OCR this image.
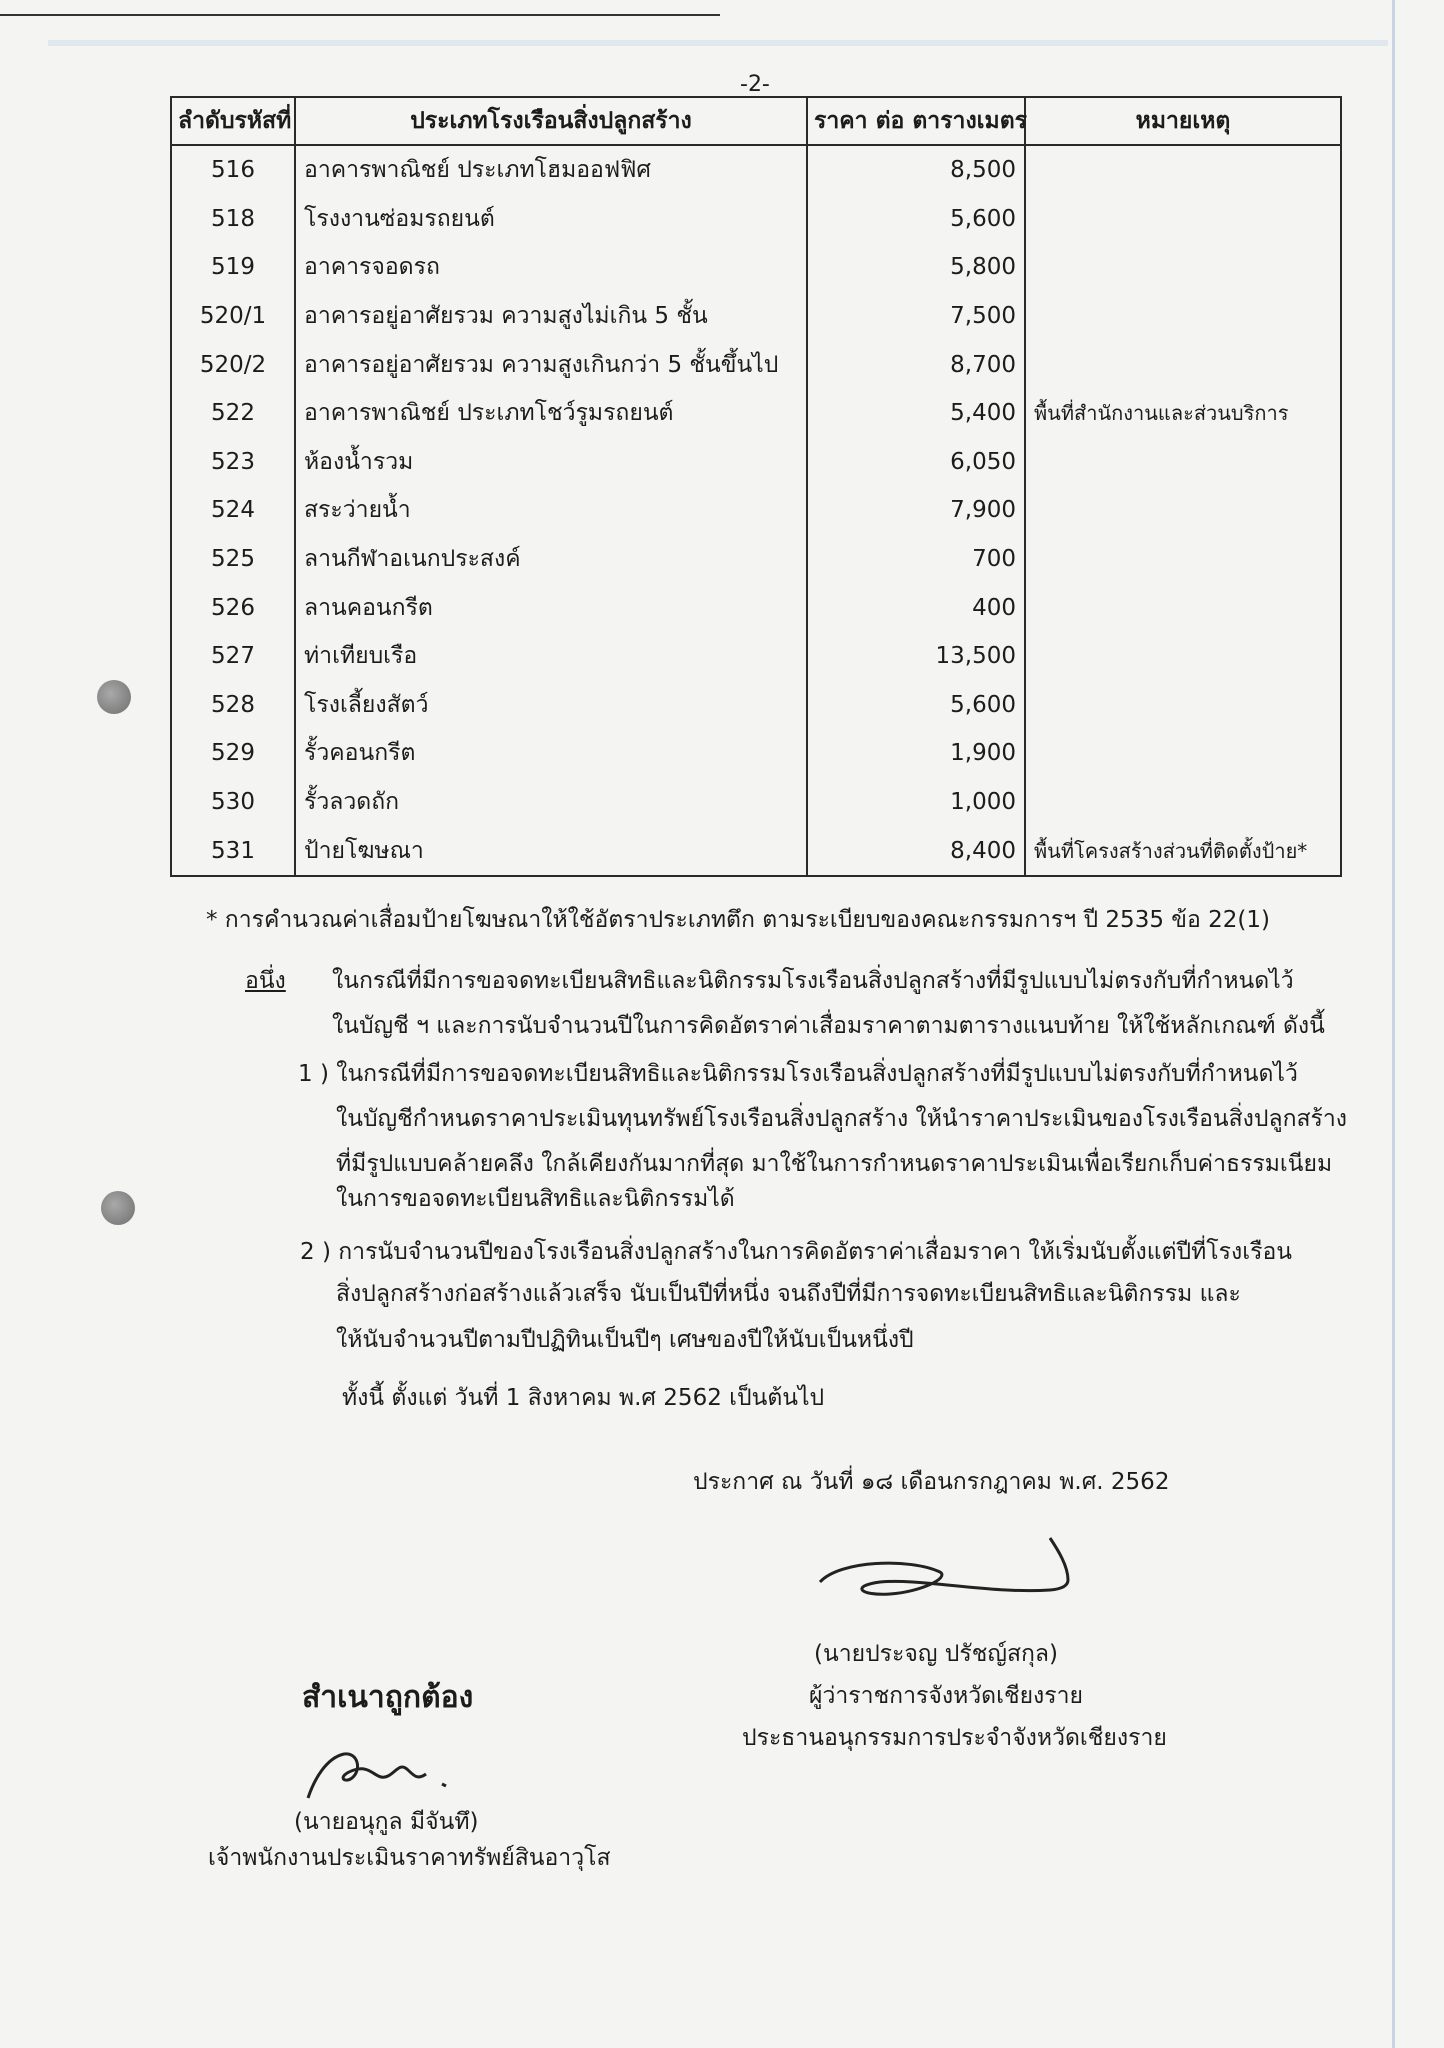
-2-
ลำดับรหัสที่	ประเภทโรงเรือนสิ่งปลูกสร้าง	ราคา ต่อ ตารางเมตร	หมายเหตุ
516	อาคารพาณิชย์ ประเภทโฮมออฟฟิศ	8,500	
518	โรงงานซ่อมรถยนต์	5,600	
519	อาคารจอดรถ	5,800	
520/1	อาคารอยู่อาศัยรวม ความสูงไม่เกิน 5 ชั้น	7,500	
520/2	อาคารอยู่อาศัยรวม ความสูงเกินกว่า 5 ชั้นขึ้นไป	8,700	
522	อาคารพาณิชย์ ประเภทโชว์รูมรถยนต์	5,400	พื้นที่สำนักงานและส่วนบริการ
523	ห้องน้ำรวม	6,050	
524	สระว่ายน้ำ	7,900	
525	ลานกีฬาอเนกประสงค์	700	
526	ลานคอนกรีต	400	
527	ท่าเทียบเรือ	13,500	
528	โรงเลี้ยงสัตว์	5,600	
529	รั้วคอนกรีต	1,900	
530	รั้วลวดถัก	1,000	
531	ป้ายโฆษณา	8,400	พื้นที่โครงสร้างส่วนที่ติดตั้งป้าย*
* การคำนวณค่าเสื่อมป้ายโฆษณาให้ใช้อัตราประเภทตึก ตามระเบียบของคณะกรรมการฯ ปี 2535 ข้อ 22(1)
อนึ่ง ในกรณีที่มีการขอจดทะเบียนสิทธิและนิติกรรมโรงเรือนสิ่งปลูกสร้างที่มีรูปแบบไม่ตรงกับที่กำหนดไว้
ในบัญชี ฯ และการนับจำนวนปีในการคิดอัตราค่าเสื่อมราคาตามตารางแนบท้าย ให้ใช้หลักเกณฑ์ ดังนี้
1 ) ในกรณีที่มีการขอจดทะเบียนสิทธิและนิติกรรมโรงเรือนสิ่งปลูกสร้างที่มีรูปแบบไม่ตรงกับที่กำหนดไว้
ในบัญชีกำหนดราคาประเมินทุนทรัพย์โรงเรือนสิ่งปลูกสร้าง ให้นำราคาประเมินของโรงเรือนสิ่งปลูกสร้าง
ที่มีรูปแบบคล้ายคลึง ใกล้เคียงกันมากที่สุด มาใช้ในการกำหนดราคาประเมินเพื่อเรียกเก็บค่าธรรมเนียม
ในการขอจดทะเบียนสิทธิและนิติกรรมได้
2 ) การนับจำนวนปีของโรงเรือนสิ่งปลูกสร้างในการคิดอัตราค่าเสื่อมราคา ให้เริ่มนับตั้งแต่ปีที่โรงเรือน
สิ่งปลูกสร้างก่อสร้างแล้วเสร็จ นับเป็นปีที่หนึ่ง จนถึงปีที่มีการจดทะเบียนสิทธิและนิติกรรม และ
ให้นับจำนวนปีตามปีปฏิทินเป็นปีๆ เศษของปีให้นับเป็นหนึ่งปี
ทั้งนี้ ตั้งแต่ วันที่ 1 สิงหาคม พ.ศ 2562 เป็นต้นไป
ประกาศ ณ วันที่ ๑๘ เดือนกรกฎาคม พ.ศ. 2562
(นายประจญ ปรัชญ์สกุล)
ผู้ว่าราชการจังหวัดเชียงราย
ประธานอนุกรรมการประจำจังหวัดเชียงราย
สำเนาถูกต้อง
(นายอนุกูล มีจันทึ)
เจ้าพนักงานประเมินราคาทรัพย์สินอาวุโส
